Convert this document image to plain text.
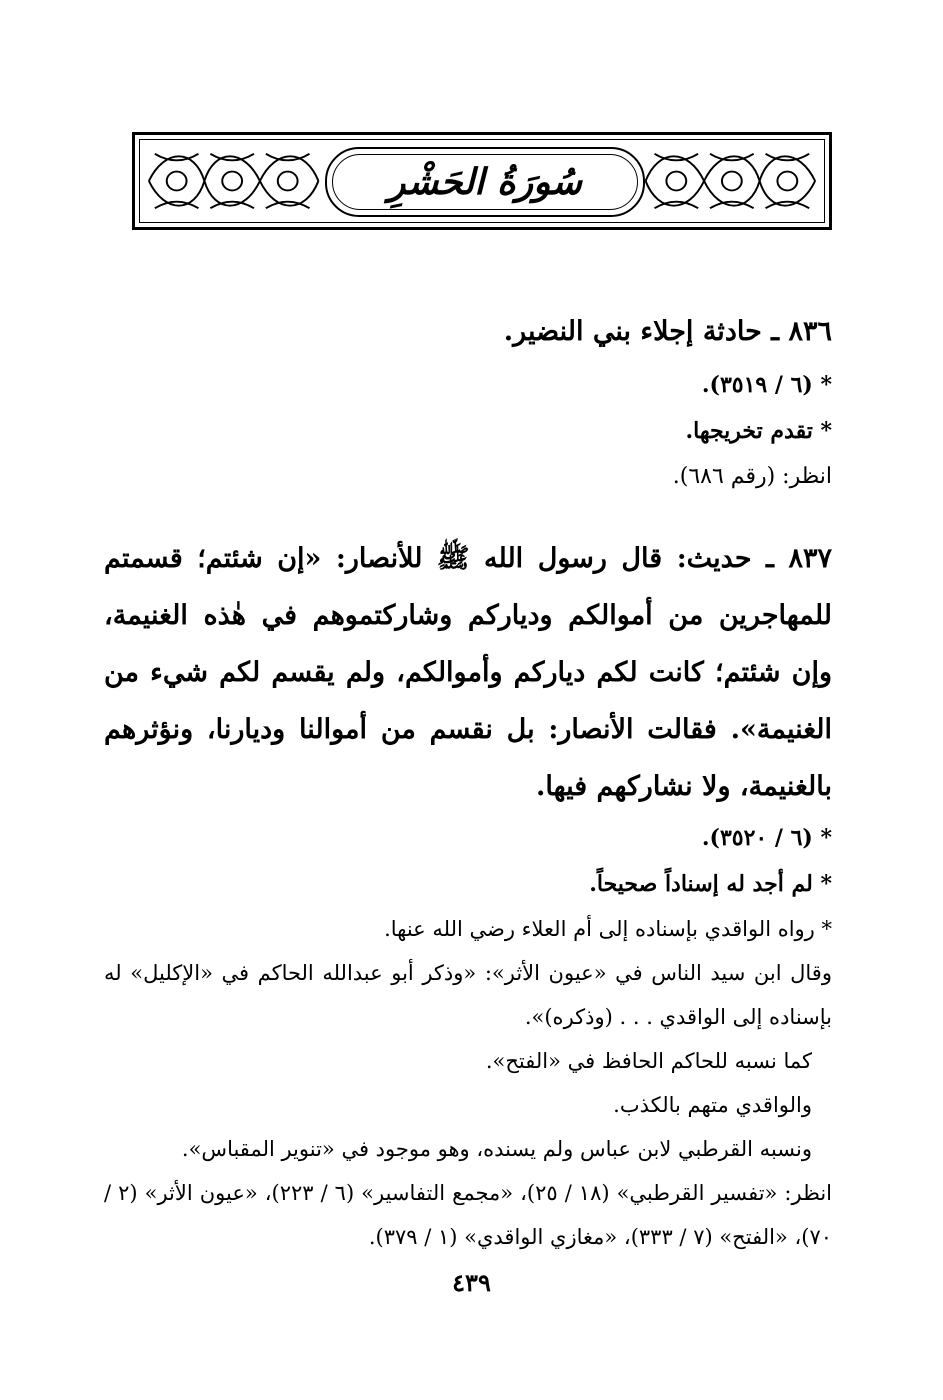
سُورَةُ الحَشْرِ

٨٣٦ ـ حادثة إجلاء بني النضير.

* (٦ / ٣٥١٩).

* تقدم تخريجها.

انظر: (رقم ٦٨٦).

٨٣٧ ـ حديث: قال رسول الله ﷺ للأنصار: «إن شئتم؛ قسمتم للمهاجرين من أموالكم ودياركم وشاركتموهم في هٰذه الغنيمة، وإن شئتم؛ كانت لكم دياركم وأموالكم، ولم يقسم لكم شيء من الغنيمة». فقالت الأنصار: بل نقسم من أموالنا وديارنا، ونؤثرهم بالغنيمة، ولا نشاركهم فيها.

* (٦ / ٣٥٢٠).

* لم أجد له إسناداً صحيحاً.

* رواه الواقدي بإسناده إلى أم العلاء رضي الله عنها.

وقال ابن سيد الناس في «عيون الأثر»: «وذكر أبو عبدالله الحاكم في «الإكليل» له بإسناده إلى الواقدي . . . (وذكره)».

كما نسبه للحاكم الحافظ في «الفتح».

والواقدي متهم بالكذب.

ونسبه القرطبي لابن عباس ولم يسنده، وهو موجود في «تنوير المقباس».

انظر: «تفسير القرطبي» (١٨ / ٢٥)، «مجمع التفاسير» (٦ / ٢٢٣)، «عيون الأثر» (٢ / ٧٠)، «الفتح» (٧ / ٣٣٣)، «مغازي الواقدي» (١ / ٣٧٩).

٤٣٩
